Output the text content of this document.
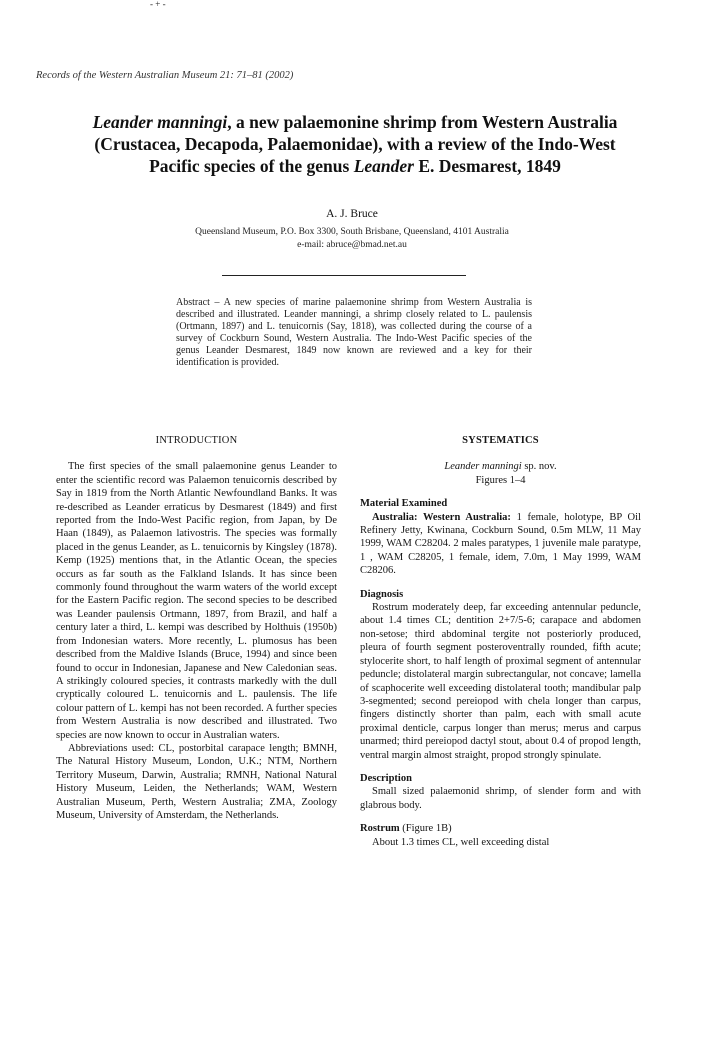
- + -
Records of the Western Australian Museum 21: 71–81 (2002)
Leander manningi, a new palaemonine shrimp from Western Australia
(Crustacea, Decapoda, Palaemonidae), with a review of the Indo-West
Pacific species of the genus Leander E. Desmarest, 1849
A. J. Bruce
Queensland Museum, P.O. Box 3300, South Brisbane, Queensland, 4101 Australia
e-mail: abruce@bmad.net.au
Abstract – A new species of marine palaemonine shrimp from Western Australia is described and illustrated. Leander manningi, a shrimp closely related to L. paulensis (Ortmann, 1897) and L. tenuicornis (Say, 1818), was collected during the course of a survey of Cockburn Sound, Western Australia. The Indo-West Pacific species of the genus Leander Desmarest, 1849 now known are reviewed and a key for their identification is provided.
INTRODUCTION

The first species of the small palaemonine genus Leander to enter the scientific record was Palaemon tenuicornis described by Say in 1819 from the North Atlantic Newfoundland Banks. It was re-described as Leander erraticus by Desmarest (1849) and first reported from the Indo-West Pacific region, from Japan, by De Haan (1849), as Palaemon lativostris. The species was formally placed in the genus Leander, as L. tenuicornis by Kingsley (1878). Kemp (1925) mentions that, in the Atlantic Ocean, the species occurs as far south as the Falkland Islands. It has since been commonly found throughout the warm waters of the world except for the Eastern Pacific region. The second species to be described was Leander paulensis Ortmann, 1897, from Brazil, and half a century later a third, L. kempi was described by Holthuis (1950b) from Indonesian waters. More recently, L. plumosus has been described from the Maldive Islands (Bruce, 1994) and since been found to occur in Indonesian, Japanese and New Caledonian seas. A strikingly coloured species, it contrasts markedly with the dull cryptically coloured L. tenuicornis and L. paulensis. The life colour pattern of L. kempi has not been recorded. A further species from Western Australia is now described and illustrated. Two species are now known to occur in Australian waters.

Abbreviations used: CL, postorbital carapace length; BMNH, The Natural History Museum, London, U.K.; NTM, Northern Territory Museum, Darwin, Australia; RMNH, National Natural History Museum, Leiden, the Netherlands; WAM, Western Australian Museum, Perth, Western Australia; ZMA, Zoology Museum, University of Amsterdam, the Netherlands.

SYSTEMATICS
Leander manningi sp. nov.
Figures 1–4
Material Examined

Australia: Western Australia: 1 female, holotype, BP Oil Refinery Jetty, Kwinana, Cockburn Sound, 0.5m MLW, 11 May 1999, WAM C28204. 2 males paratypes, 1 juvenile male paratype, 1 , WAM C28205, 1 female, idem, 7.0m, 1 May 1999, WAM C28206.

Diagnosis

Rostrum moderately deep, far exceeding antennular peduncle, about 1.4 times CL; dentition 2+7/5-6; carapace and abdomen non-setose; third abdominal tergite not posteriorly produced, pleura of fourth segment posteroventrally rounded, fifth acute; stylocerite short, to half length of proximal segment of antennular peduncle; distolateral margin subrectangular, not concave; lamella of scaphocerite well exceeding distolateral tooth; mandibular palp 3-segmented; second pereiopod with chela longer than carpus, fingers distinctly shorter than palm, each with small acute proximal denticle, carpus longer than merus; merus and carpus unarmed; third pereiopod dactyl stout, about 0.4 of propod length, ventral margin almost straight, propod strongly spinulate.

Description

Small sized palaemonid shrimp, of slender form and with glabrous body.

Rostrum (Figure 1B)

About 1.3 times CL, well exceeding distal
